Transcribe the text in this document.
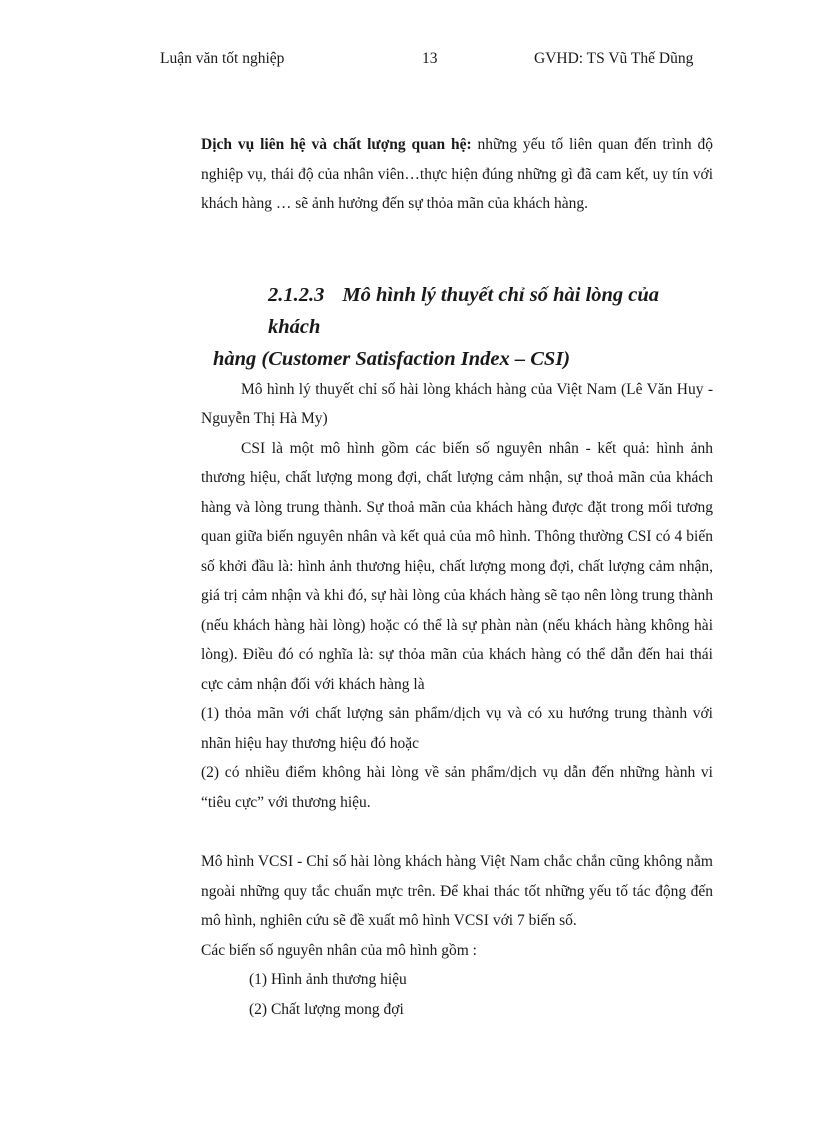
Luận văn tốt nghiệp	13	GVHD: TS Vũ Thế Dũng

Dịch vụ liên hệ và chất lượng quan hệ: những yếu tố liên quan đến trình độ nghiệp vụ, thái độ của nhân viên…thực hiện đúng những gì đã cam kết, uy tín với khách hàng … sẽ ảnh hưởng đến sự thỏa mãn của khách hàng.

2.1.2.3 Mô hình lý thuyết chỉ số hài lòng của khách
hàng (Customer Satisfaction Index – CSI)

Mô hình lý thuyết chỉ số hài lòng khách hàng của Việt Nam (Lê Văn Huy - Nguyễn Thị Hà My)

CSI là một mô hình gồm các biến số nguyên nhân - kết quả: hình ảnh thương hiệu, chất lượng mong đợi, chất lượng cảm nhận, sự thoả mãn của khách hàng và lòng trung thành. Sự thoả mãn của khách hàng được đặt trong mối tương quan giữa biến nguyên nhân và kết quả của mô hình. Thông thường CSI có 4 biến số khởi đầu là: hình ảnh thương hiệu, chất lượng mong đợi, chất lượng cảm nhận, giá trị cảm nhận và khi đó, sự hài lòng của khách hàng sẽ tạo nên lòng trung thành (nếu khách hàng hài lòng) hoặc có thể là sự phàn nàn (nếu khách hàng không hài lòng). Điều đó có nghĩa là: sự thỏa mãn của khách hàng có thể dẫn đến hai thái cực cảm nhận đối với khách hàng là

(1) thỏa mãn với chất lượng sản phẩm/dịch vụ và có xu hướng trung thành với nhãn hiệu hay thương hiệu đó hoặc

(2) có nhiều điểm không hài lòng về sản phẩm/dịch vụ dẫn đến những hành vi “tiêu cực” với thương hiệu.

Mô hình VCSI - Chỉ số hài lòng khách hàng Việt Nam chắc chắn cũng không nằm ngoài những quy tắc chuẩn mực trên. Để khai thác tốt những yếu tố tác động đến mô hình, nghiên cứu sẽ đề xuất mô hình VCSI với 7 biến số.

Các biến số nguyên nhân của mô hình gồm :

(1) Hình ảnh thương hiệu

(2) Chất lượng mong đợi
